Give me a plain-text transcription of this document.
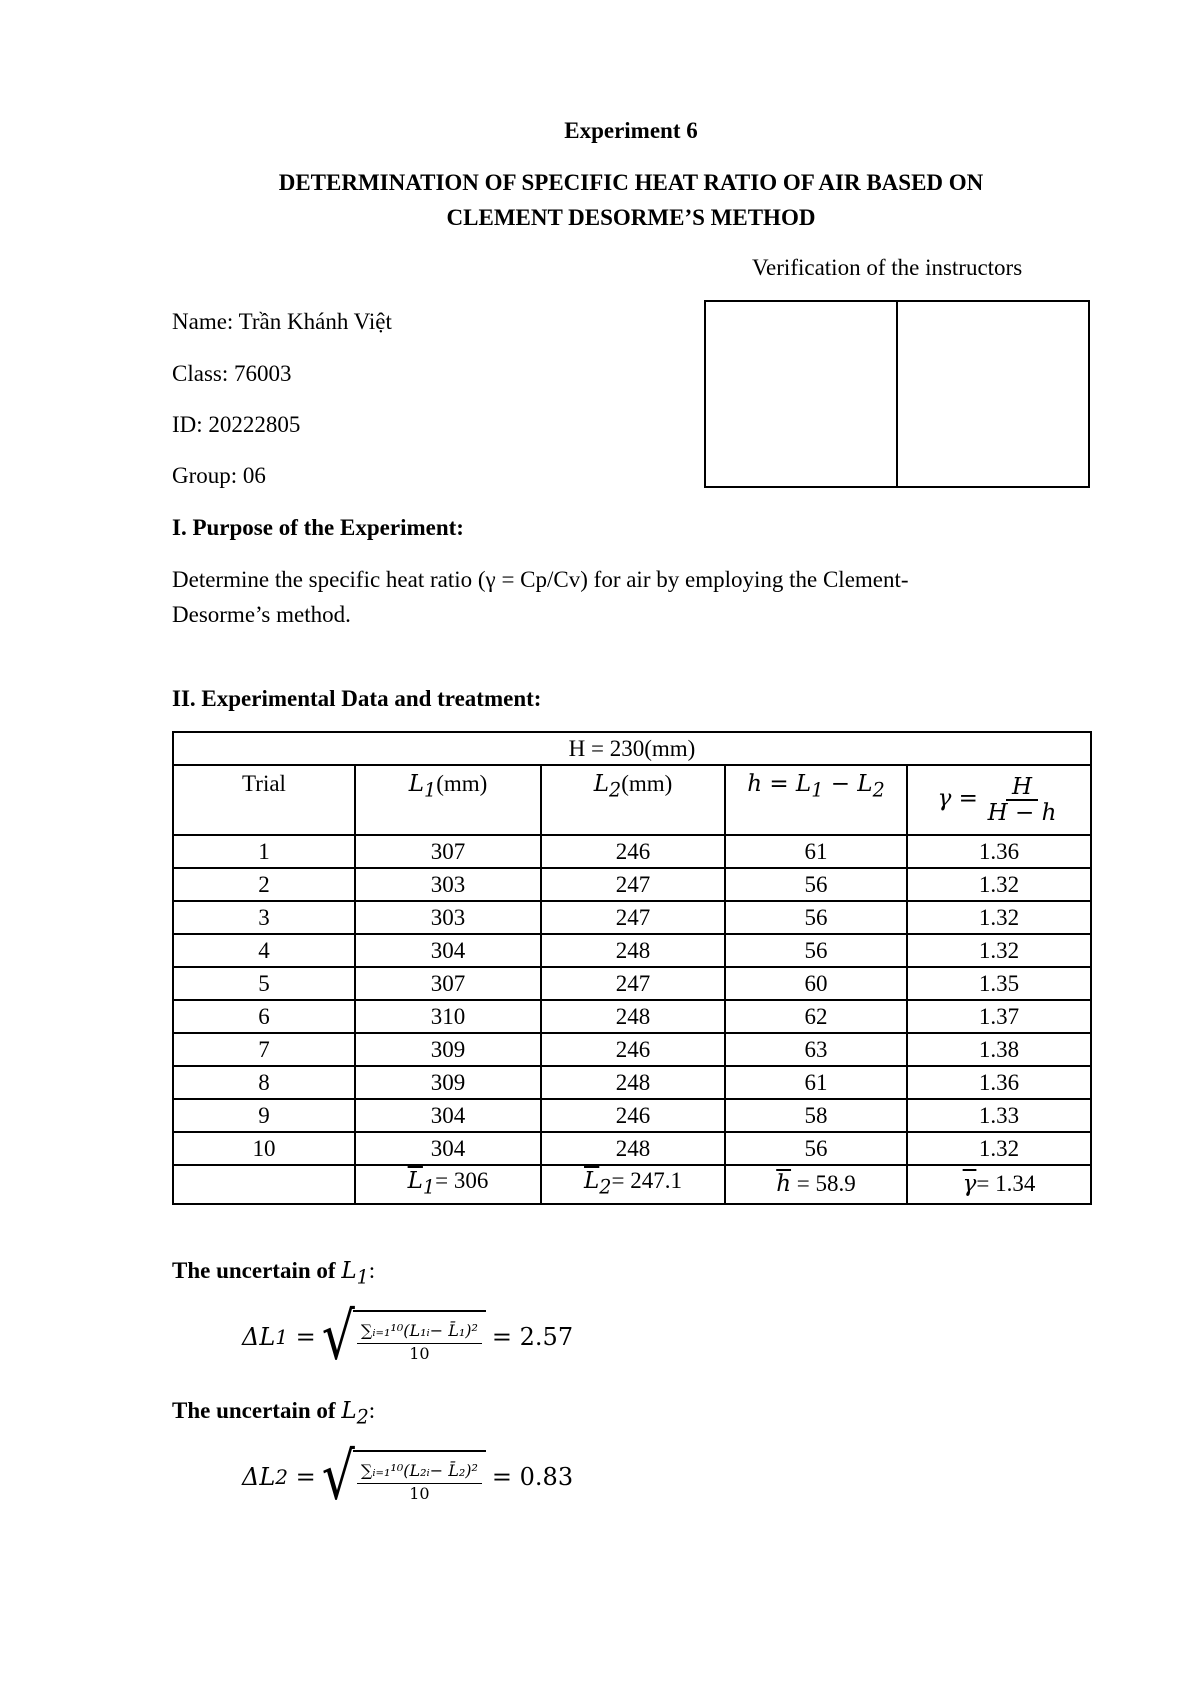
Experiment 6
DETERMINATION OF SPECIFIC HEAT RATIO OF AIR BASED ON
CLEMENT DESORME’S METHOD
Verification of the instructors
Name: Trần Khánh Việt
Class: 76003
ID: 20222805
Group: 06
I. Purpose of the Experiment:
Determine the specific heat ratio (γ = Cp/Cv) for air by employing the Clement-
Desorme’s method.
II. Experimental Data and treatment:
H = 230(mm)				
Trial	$L_1(mm)$	$L_2(mm)$	$h = L_1 - L_2$	$\gamma = \frac{H}{H - h}$

1	307	246	61	1.36
2	303	247	56	1.32
3	303	247	56	1.32
4	304	248	56	1.32
5	307	247	60	1.35
6	310	248	62	1.37
7	309	246	63	1.38
8	309	248	61	1.36
9	304	246	58	1.33
10	304	248	56	1.32
	$\overline{L}_1= 306$	$\overline{L}_2= 247.1$	$\overline{h} = 58.9$	$\overline{\gamma}= 1.34$
The uncertain of $L_1$:
ΔL 1 = √ $\frac{\text{∑ᵢ₌₁¹⁰(L₁ᵢ− L̄₁)²}}{10} = 2.57$
The uncertain of $L_2$:
ΔL 2 = √ $\frac{\text{∑ᵢ₌₁¹⁰(L₂ᵢ− L̄₂)²}}{10} = 0.83$
